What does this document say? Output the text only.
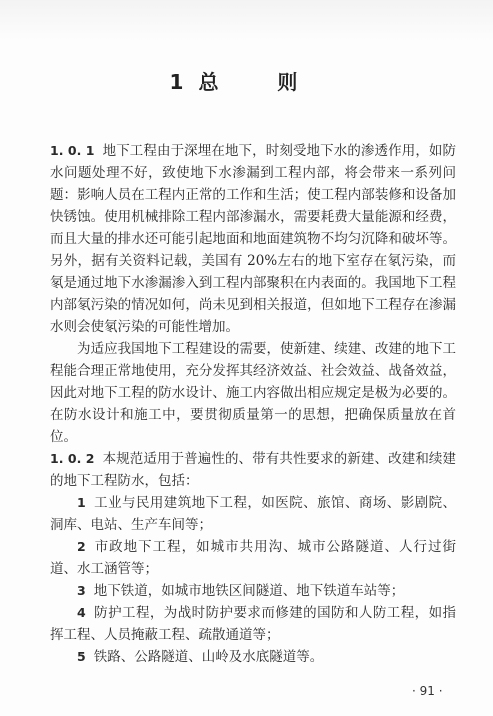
1 总 则

1. 0. 1 地下工程由于深埋在地下，时刻受地下水的渗透作用，如防水问题处理不好，致使地下水渗漏到工程内部，将会带来一系列问题：影响人员在工程内正常的工作和生活；使工程内部装修和设备加快锈蚀。使用机械排除工程内部渗漏水，需要耗费大量能源和经费，而且大量的排水还可能引起地面和地面建筑物不均匀沉降和破坏等。另外，据有关资料记载，美国有 20%左右的地下室存在氡污染，而氡是通过地下水渗漏渗入到工程内部聚积在内表面的。我国地下工程内部氡污染的情况如何，尚未见到相关报道，但如地下工程存在渗漏水则会使氡污染的可能性增加。

为适应我国地下工程建设的需要，使新建、续建、改建的地下工程能合理正常地使用，充分发挥其经济效益、社会效益、战备效益，因此对地下工程的防水设计、施工内容做出相应规定是极为必要的。在防水设计和施工中，要贯彻质量第一的思想，把确保质量放在首位。

1. 0. 2 本规范适用于普遍性的、带有共性要求的新建、改建和续建的地下工程防水，包括：

1 工业与民用建筑地下工程，如医院、旅馆、商场、影剧院、洞库、电站、生产车间等；

2 市政地下工程，如城市共用沟、城市公路隧道、人行过街道、水工涵管等；

3 地下铁道，如城市地铁区间隧道、地下铁道车站等；

4 防护工程，为战时防护要求而修建的国防和人防工程，如指挥工程、人员掩蔽工程、疏散通道等；

5 铁路、公路隧道、山岭及水底隧道等。

· 91 ·
